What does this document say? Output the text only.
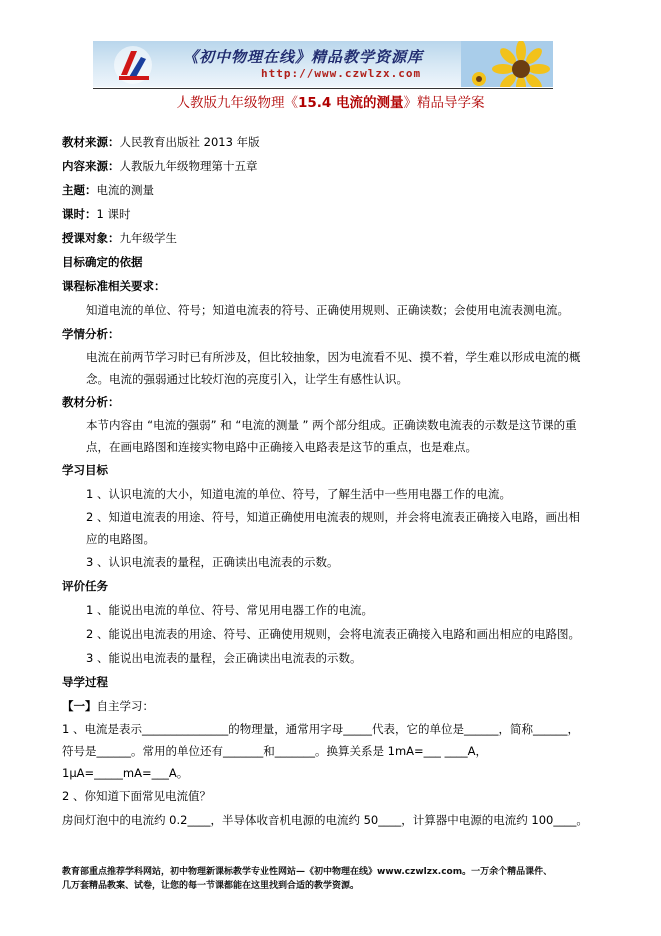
《初中物理在线》精品教学资源库
http://www.czwlzx.com
人教版九年级物理《15.4 电流的测量》精品导学案
教材来源：人民教育出版社 2013 年版
内容来源：人教版九年级物理第十五章
主题：电流的测量
课时：1 课时
授课对象：九年级学生
目标确定的依据
课程标准相关要求：
知道电流的单位、符号；知道电流表的符号、正确使用规则、正确读数；会使用电流表测电流。
学情分析：
电流在前两节学习时已有所涉及，但比较抽象，因为电流看不见、摸不着，学生难以形成电流的概念。电流的强弱通过比较灯泡的亮度引入，让学生有感性认识。
教材分析：
本节内容由 “电流的强弱” 和 “电流的测量 ” 两个部分组成。正确读数电流表的示数是这节课的重点，在画电路图和连接实物电路中正确接入电路表是这节的重点，也是难点。
学习目标
1 、认识电流的大小，知道电流的单位、符号，了解生活中一些用电器工作的电流。
2 、知道电流表的用途、符号，知道正确使用电流表的规则，并会将电流表正确接入电路，画出相应的电路图。
3 、认识电流表的量程，正确读出电流表的示数。
评价任务
1 、能说出电流的单位、符号、常见用电器工作的电流。
2 、能说出电流表的用途、符号、正确使用规则，会将电流表正确接入电路和画出相应的电路图。
3 、能说出电流表的量程，会正确读出电流表的示数。
导学过程
【一】自主学习：
1 、电流是表示_______________的物理量，通常用字母_____代表，它的单位是______，简称______，符号是______。常用的单位还有_______和_______。换算关系是 1mA=___ ____A，1μA=_____mA=___A。
2 、你知道下面常见电流值？
房间灯泡中的电流约 0.2____，半导体收音机电源的电流约 50____，计算器中电源的电流约 100____。
教育部重点推荐学科网站，初中物理新课标教学专业性网站—《初中物理在线》www.czwlzx.com。一万余个精品课件、
几万套精品教案、试卷，让您的每一节课都能在这里找到合适的教学资源。
